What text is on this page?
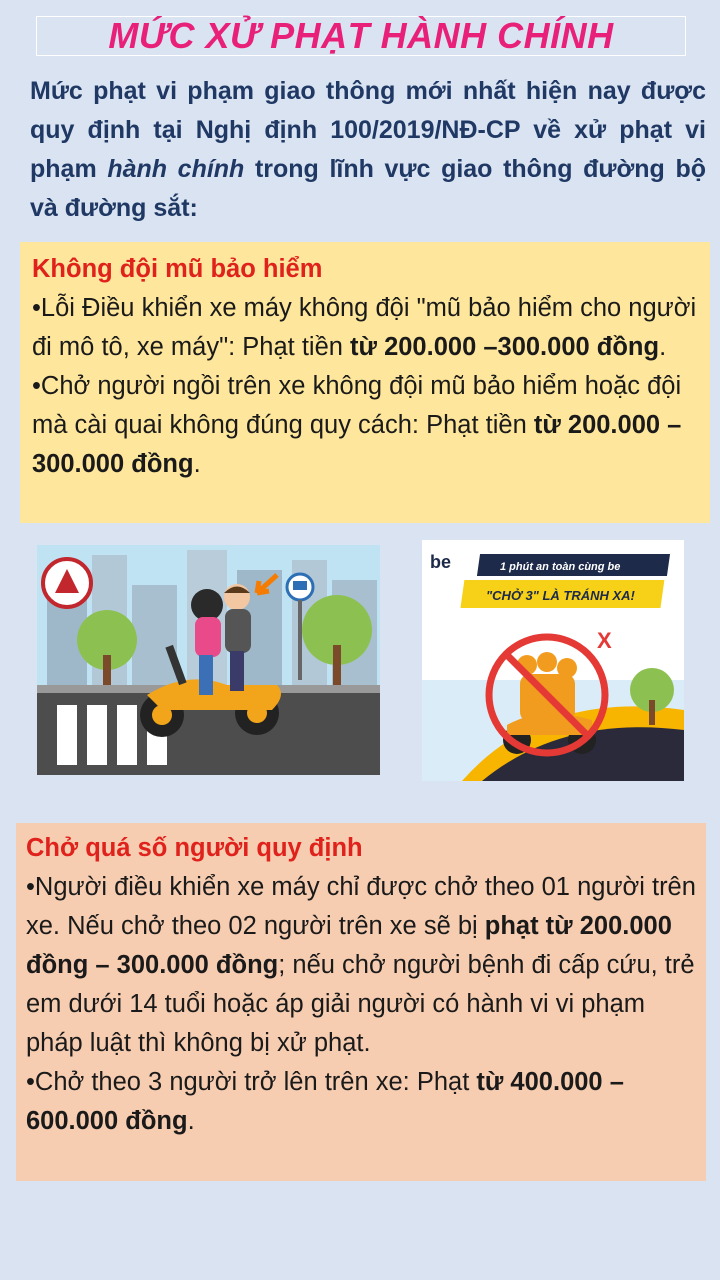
MỨC XỬ PHẠT HÀNH CHÍNH
Mức phạt vi phạm giao thông mới nhất hiện nay được quy định tại Nghị định 100/2019/NĐ-CP về xử phạt vi phạm hành chính trong lĩnh vực giao thông đường bộ và đường sắt:
Không đội mũ bảo hiểm

•Lỗi Điều khiển xe máy không đội "mũ bảo hiểm cho người đi mô tô, xe máy": Phạt tiền từ 200.000 –300.000 đồng.

•Chở người ngồi trên xe không đội mũ bảo hiểm hoặc đội mà cài quai không đúng quy cách: Phạt tiền từ 200.000 – 300.000 đồng.

be	1 phút an toàn cùng be
"CHỞ 3" LÀ TRÁNH XA!
X
Chở quá số người quy định

•Người điều khiển xe máy chỉ được chở theo 01 người trên xe. Nếu chở theo 02 người trên xe sẽ bị phạt từ 200.000 đồng – 300.000 đồng; nếu chở người bệnh đi cấp cứu, trẻ em dưới 14 tuổi hoặc áp giải người có hành vi vi phạm pháp luật thì không bị xử phạt.

•Chở theo 3 người trở lên trên xe: Phạt từ 400.000 – 600.000 đồng.
